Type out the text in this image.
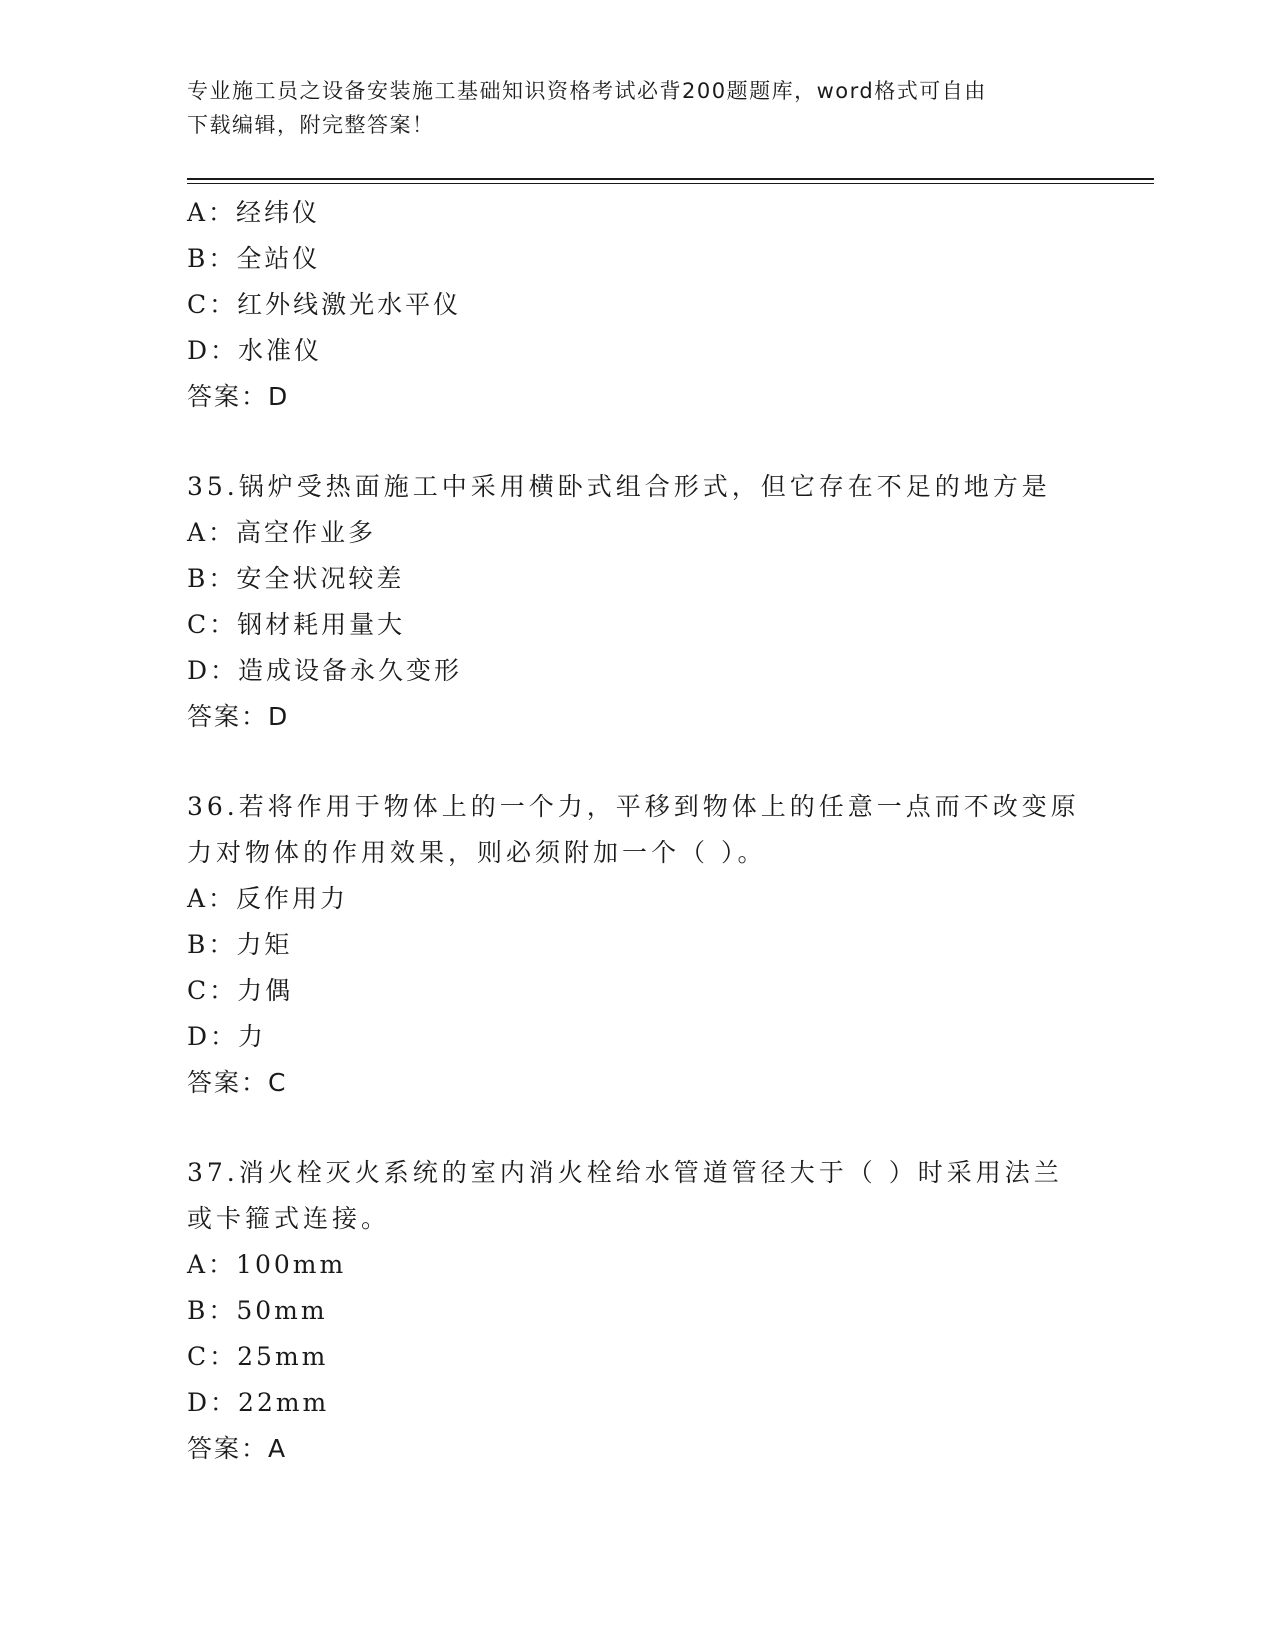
专业施工员之设备安装施工基础知识资格考试必背200题题库，word格式可自由
下载编辑，附完整答案！
A：经纬仪
B：全站仪
C：红外线激光水平仪
D：水准仪
答案：D
35.锅炉受热面施工中采用横卧式组合形式，但它存在不足的地方是
A：高空作业多
B：安全状况较差
C：钢材耗用量大
D：造成设备永久变形
答案：D
36.若将作用于物体上的一个力，平移到物体上的任意一点而不改变原
力对物体的作用效果，则必须附加一个（ ）。
A：反作用力
B：力矩
C：力偶
D：力
答案：C
37.消火栓灭火系统的室内消火栓给水管道管径大于（ ）时采用法兰
或卡箍式连接。
A：100mm
B：50mm
C：25mm
D：22mm
答案：A
